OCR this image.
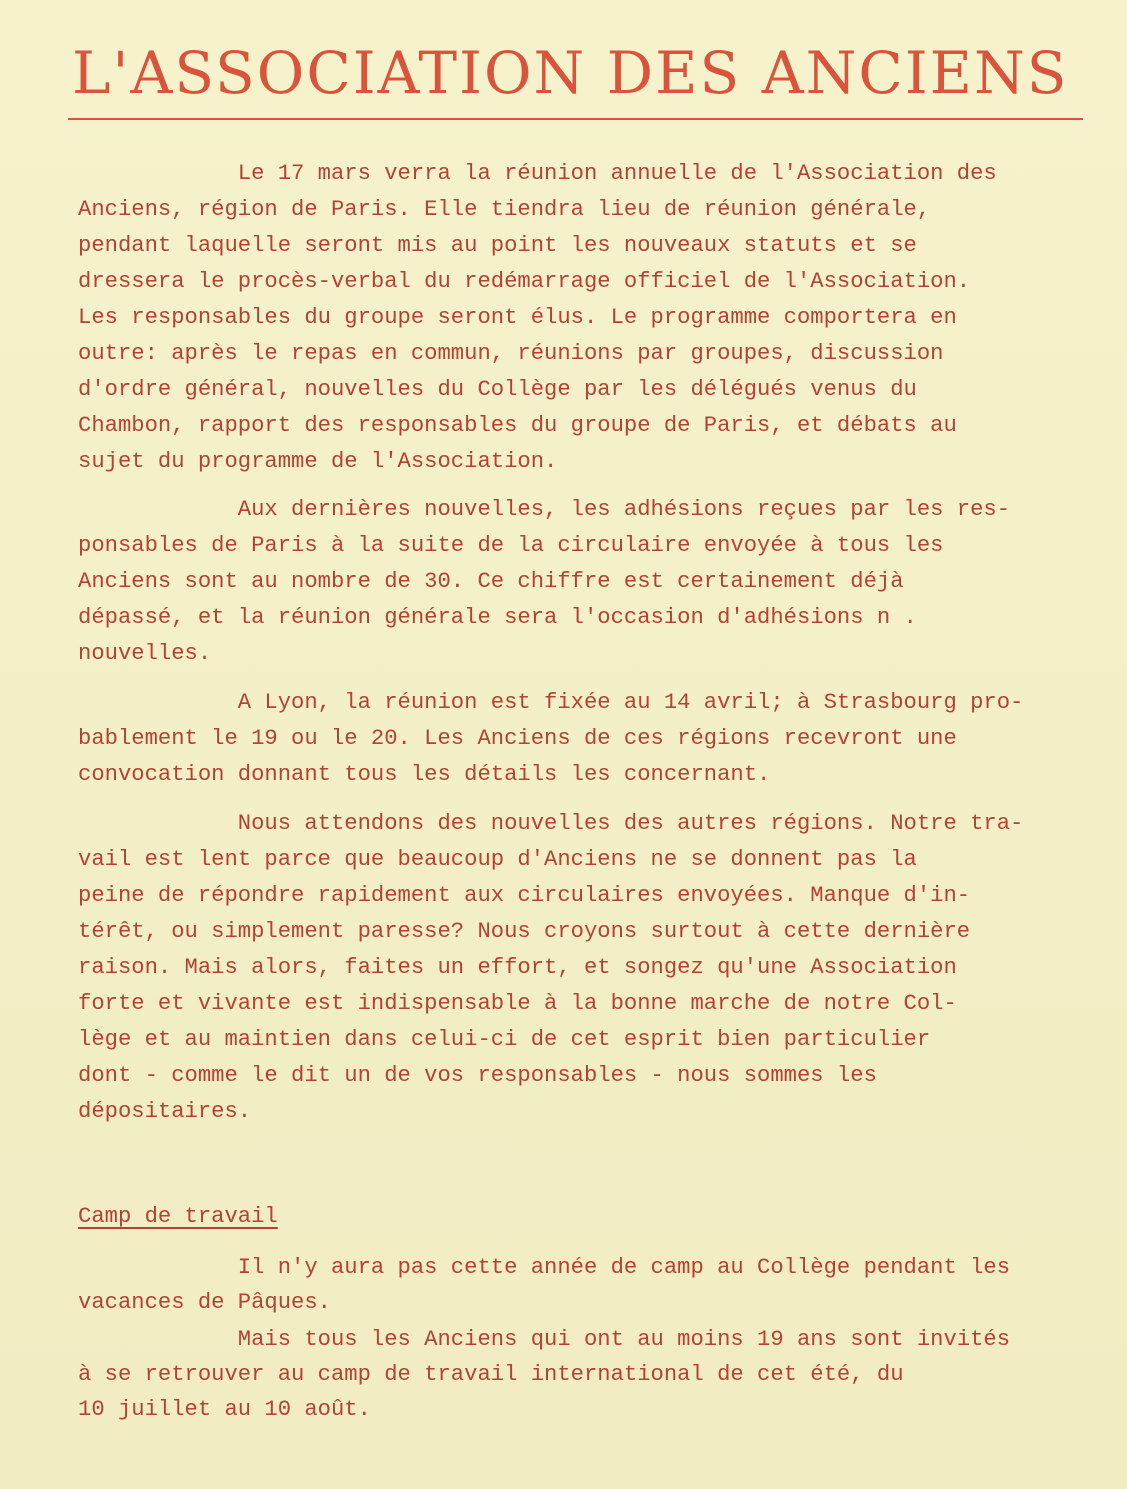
L'ASSOCIATION DES ANCIENS
Le 17 mars verra la réunion annuelle de l'Association des
Anciens, région de Paris. Elle tiendra lieu de réunion générale,
pendant laquelle seront mis au point les nouveaux statuts et se
dressera le procès-verbal du redémarrage officiel de l'Association.
Les responsables du groupe seront élus. Le programme comportera en
outre: après le repas en commun, réunions par groupes, discussion
d'ordre général, nouvelles du Collège par les délégués venus du
Chambon, rapport des responsables du groupe de Paris, et débats au
sujet du programme de l'Association.
Aux dernières nouvelles, les adhésions reçues par les res-
ponsables de Paris à la suite de la circulaire envoyée à tous les
Anciens sont au nombre de 30. Ce chiffre est certainement déjà
dépassé, et la réunion générale sera l'occasion d'adhésions n .
nouvelles.
A Lyon, la réunion est fixée au 14 avril; à Strasbourg pro-
bablement le 19 ou le 20. Les Anciens de ces régions recevront une
convocation donnant tous les détails les concernant.
Nous attendons des nouvelles des autres régions. Notre tra-
vail est lent parce que beaucoup d'Anciens ne se donnent pas la
peine de répondre rapidement aux circulaires envoyées. Manque d'in-
térêt, ou simplement paresse? Nous croyons surtout à cette dernière
raison. Mais alors, faites un effort, et songez qu'une Association
forte et vivante est indispensable à la bonne marche de notre Col-
lège et au maintien dans celui-ci de cet esprit bien particulier
dont - comme le dit un de vos responsables - nous sommes les
dépositaires.
Camp de travail
Il n'y aura pas cette année de camp au Collège pendant les
vacances de Pâques.
Mais tous les Anciens qui ont au moins 19 ans sont invités
à se retrouver au camp de travail international de cet été, du
10 juillet au 10 août.
